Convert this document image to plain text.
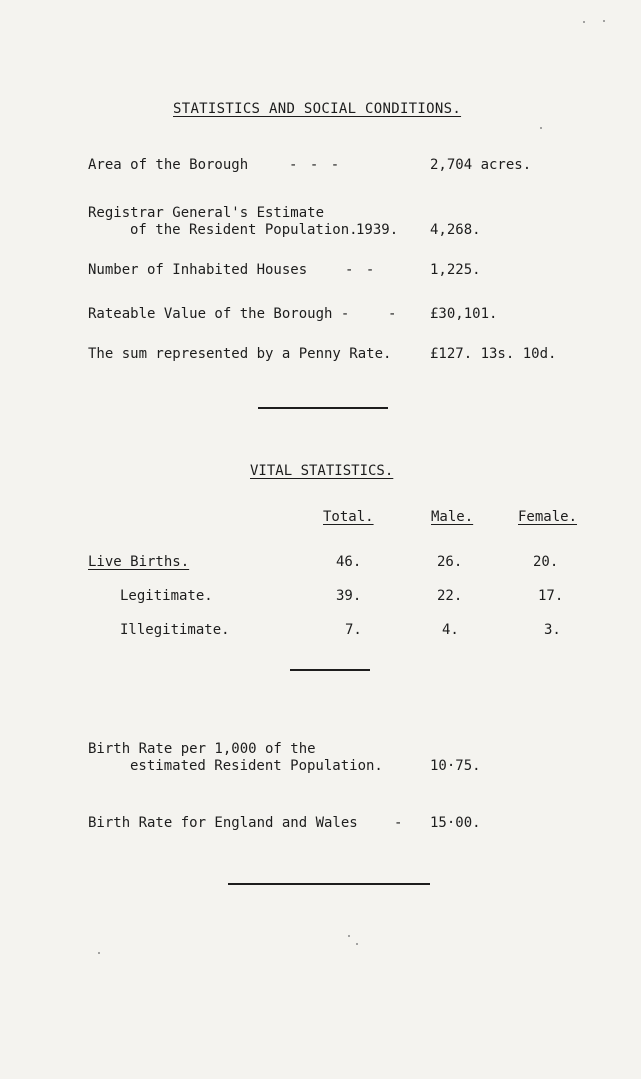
STATISTICS AND SOCIAL CONDITIONS.
Area of the Borough	- - -	2,704 acres.
Registrar General's Estimate
of the Resident Population.
1939. 4,268.
Number of Inhabited Houses	- -	1,225.
Rateable Value of the Borough -	- £30,101.
The sum represented by a Penny Rate.	£127. 13s. 10d.
VITAL STATISTICS.
Total.	Male.	Female.
Live Births.	46.	26.	20.
Legitimate.	39.	22.	17.
Illegitimate.	7.	4.	3.
Birth Rate per 1,000 of the
estimated Resident Population.	10·75.
Birth Rate for England and Wales	- 15·00.
